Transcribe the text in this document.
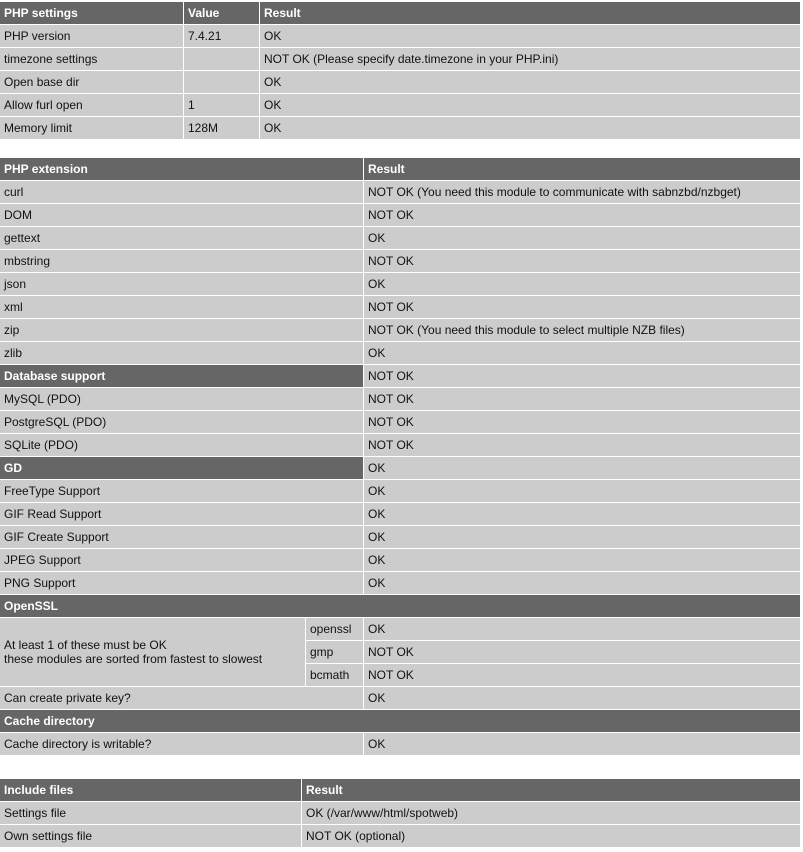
PHP settings	Value	Result
PHP version	7.4.21	OK
timezone settings		NOT OK (Please specify date.timezone in your PHP.ini)
Open base dir		OK
Allow furl open	1	OK
Memory limit	128M	OK
PHP extension		Result
curl		NOT OK (You need this module to communicate with sabnzbd/nzbget)
DOM		NOT OK
gettext		OK
mbstring		NOT OK
json		OK
xml		NOT OK
zip		NOT OK (You need this module to select multiple NZB files)
zlib		OK
Database support		NOT OK
MySQL (PDO)		NOT OK
PostgreSQL (PDO)		NOT OK
SQLite (PDO)		NOT OK
GD		OK
FreeType Support		OK
GIF Read Support		OK
GIF Create Support		OK
JPEG Support		OK
PNG Support		OK
OpenSSL		
At least 1 of these must be OK
these modules are sorted from fastest to slowest	openssl	OK
	gmp	NOT OK
	bcmath	NOT OK
Can create private key?		OK
Cache directory		
Cache directory is writable?		OK
Include files	Result
Settings file	OK (/var/www/html/spotweb)
Own settings file	NOT OK (optional)
